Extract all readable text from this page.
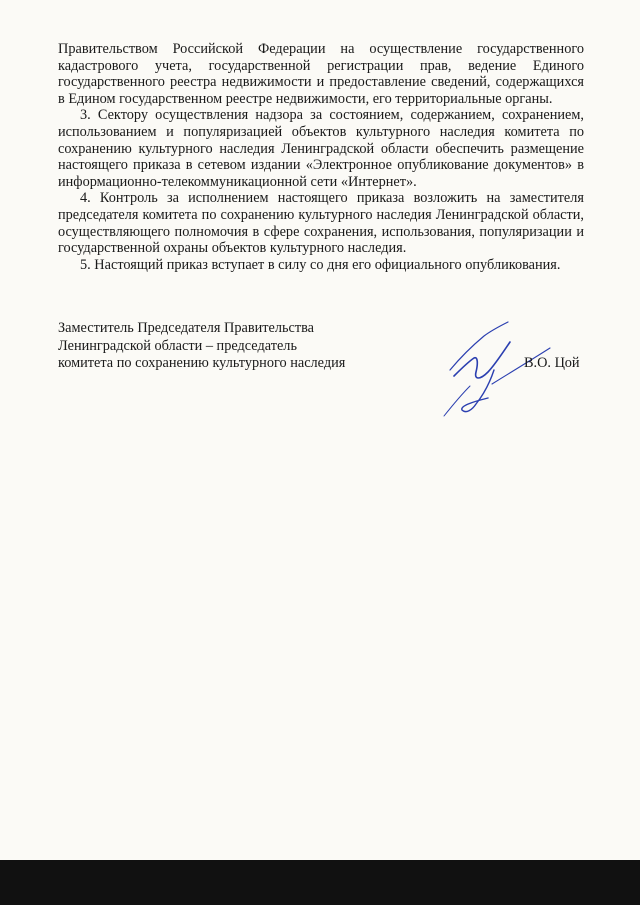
Правительством Российской Федерации на осуществление государственного кадастрового учета, государственной регистрации прав, ведение Единого государственного реестра недвижимости и предоставление сведений, содержащихся в Едином государственном реестре недвижимости, его территориальные органы.

3. Сектору осуществления надзора за состоянием, содержанием, сохранением, использованием и популяризацией объектов культурного наследия комитета по сохранению культурного наследия Ленинградской области обеспечить размещение настоящего приказа в сетевом издании «Электронное опубликование документов» в информационно-телекоммуникационной сети «Интернет».

4. Контроль за исполнением настоящего приказа возложить на заместителя председателя комитета по сохранению культурного наследия Ленинградской области, осуществляющего полномочия в сфере сохранения, использования, популяризации и государственной охраны объектов культурного наследия.

5. Настоящий приказ вступает в силу со дня его официального опубликования.

Заместитель Председателя Правительства
Ленинградской области – председатель
комитета по сохранению культурного наследия	В.О. Цой
